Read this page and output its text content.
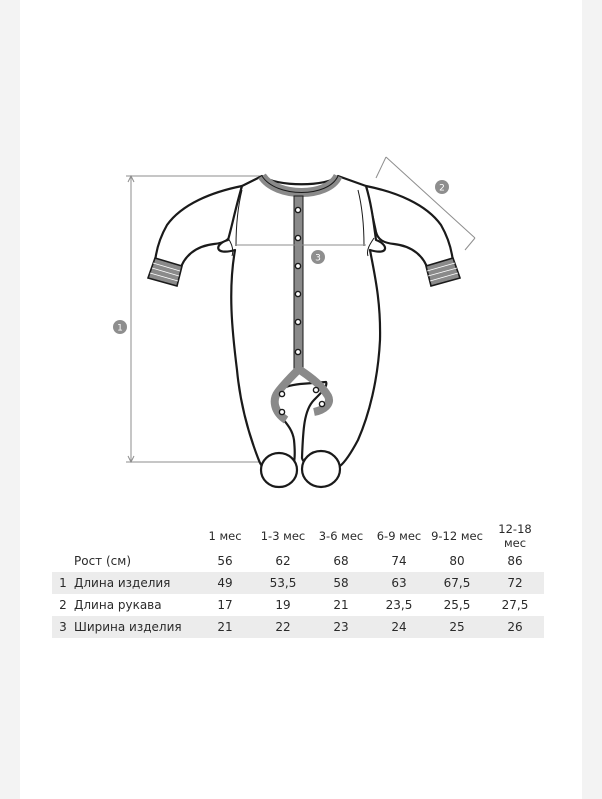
1
2
3
		1 мес	1-3 мес	3-6 мес	6-9 мес	9-12 мес	12-18 мес
	Рост (см)	56	62	68	74	80	86
1	Длина изделия	49	53,5	58	63	67,5	72
2	Длина рукава	17	19	21	23,5	25,5	27,5
3	Ширина изделия	21	22	23	24	25	26
